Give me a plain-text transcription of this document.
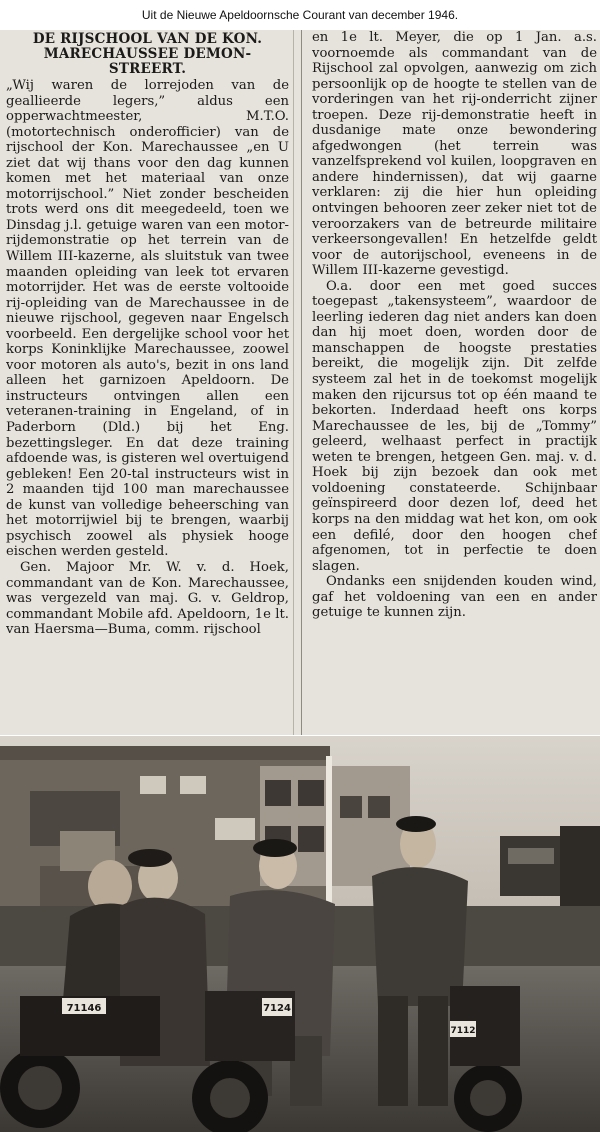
Uit de Nieuwe Apeldoornsche Courant van december 1946.
DE RIJSCHOOL VAN DE KON. MARECHAUSSEE DEMON- STREERT.

„Wij waren de lorrejoden van de geallieerde legers,” aldus een opperwachtmeester, M.T.O. (motortechnisch onderofficier) van de rijschool der Kon. Marechaussee „en U ziet dat wij thans voor den dag kunnen komen met het materiaal van onze motorrijschool.” Niet zonder bescheiden trots werd ons dit meegedeeld, toen we Dinsdag j.l. getuige waren van een motor-rijdemonstratie op het terrein van de Willem III-kazerne, als sluitstuk van twee maanden opleiding van leek tot ervaren motorrijder. Het was de eerste voltooide rij-opleiding van de Marechaussee in de nieuwe rijschool, gegeven naar Engelsch voorbeeld. Een dergelijke school voor het korps Koninklijke Marechaussee, zoowel voor motoren als auto's, bezit in ons land alleen het garnizoen Apeldoorn. De instructeurs ontvingen allen een veteranen-training in Engeland, of in Paderborn (Dld.) bij het Eng. bezettingsleger. En dat deze training afdoende was, is gisteren wel overtuigend gebleken! Een 20-tal instructeurs wist in 2 maanden tijd 100 man marechaussee de kunst van volledige beheersching van het motorrijwiel bij te brengen, waarbij psychisch zoowel als physiek hooge eischen werden gesteld.

Gen. Majoor Mr. W. v. d. Hoek, commandant van de Kon. Marechaussee, was vergezeld van maj. G. v. Geldrop, commandant Mobile afd. Apeldoorn, 1e lt. van Haersma—Buma, comm. rijschool

en 1e lt. Meyer, die op 1 Jan. a.s. voornoemde als commandant van de Rijschool zal opvolgen, aanwezig om zich persoonlijk op de hoogte te stellen van de vorderingen van het rij-onderricht zijner troepen. Deze rij-demonstratie heeft in dusdanige mate onze bewondering afgedwongen (het terrein was vanzelfsprekend vol kuilen, loopgraven en andere hindernissen), dat wij gaarne verklaren: zij die hier hun opleiding ontvingen behooren zeer zeker niet tot de veroorzakers van de betreurde militaire verkeersongevallen! En hetzelfde geldt voor de autorijschool, eveneens in de Willem III-kazerne gevestigd.

O.a. door een met goed succes toegepast „takensysteem”, waardoor de leerling iederen dag niet anders kan doen dan hij moet doen, worden door de manschappen de hoogste prestaties bereikt, die mogelijk zijn. Dit zelfde systeem zal het in de toekomst mogelijk maken den rijcursus tot op één maand te bekorten. Inderdaad heeft ons korps Marechaussee de les, bij de „Tommy” geleerd, welhaast perfect in practijk weten te brengen, hetgeen Gen. maj. v. d. Hoek bij zijn bezoek dan ook met voldoening constateerde. Schijnbaar geïnspireerd door dezen lof, deed het korps na den middag wat het kon, om ook een defilé, door den hoogen chef afgenomen, tot in perfectie te doen slagen.

Ondanks een snijdenden kouden wind, gaf het voldoening van een en ander getuige te kunnen zijn.

71146	7124
7112
